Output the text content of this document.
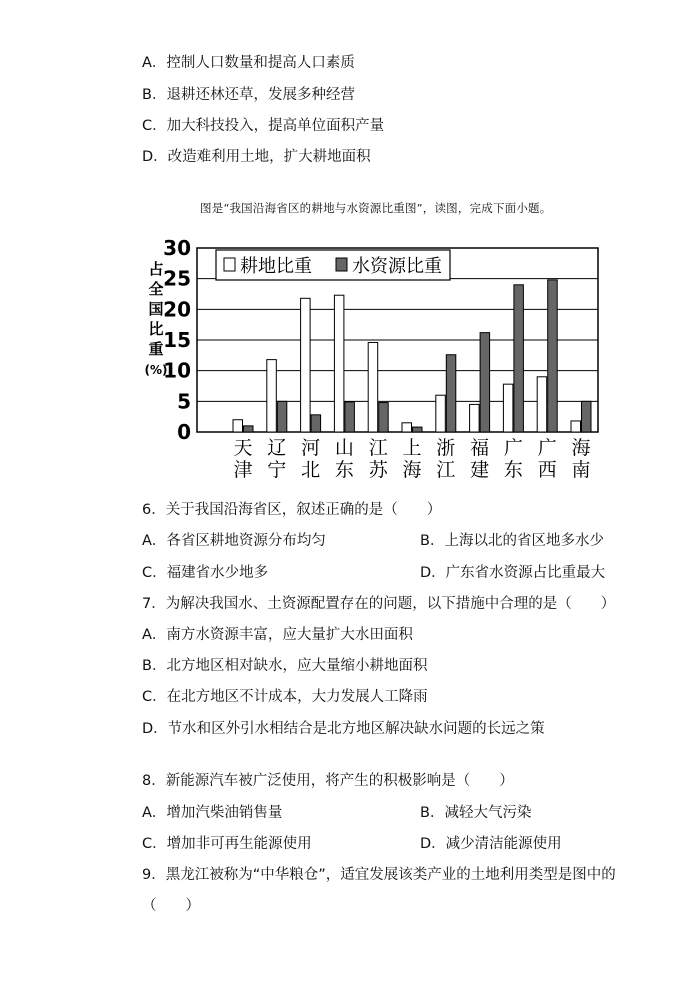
A．控制人口数量和提高人口素质
B．退耕还林还草，发展多种经营
C．加大科技投入，提高单位面积产量
D．改造难利用土地，扩大耕地面积
图是“我国沿海省区的耕地与水资源比重图”，读图，完成下面小题。
0
5
10
15
20
25
30
占
全
国
比
重
(%)
天
津
辽
宁
河
北
山
东
江
苏
上
海
浙
江
福
建
广
东
广
西
海
南
耕地比重 水资源比重
6．关于我国沿海省区，叙述正确的是（　　）
A．各省区耕地资源分布均匀	B．上海以北的省区地多水少
C．福建省水少地多	D．广东省水资源占比重最大
7．为解决我国水、土资源配置存在的问题，以下措施中合理的是（　　）
A．南方水资源丰富，应大量扩大水田面积
B．北方地区相对缺水，应大量缩小耕地面积
C．在北方地区不计成本，大力发展人工降雨
D．节水和区外引水相结合是北方地区解决缺水问题的长远之策
8．新能源汽车被广泛使用，将产生的积极影响是（　　）
A．增加汽柴油销售量	B．减轻大气污染
C．增加非可再生能源使用	D．减少清洁能源使用
9．黑龙江被称为“中华粮仓”，适宜发展该类产业的土地利用类型是图中的
（　　）
